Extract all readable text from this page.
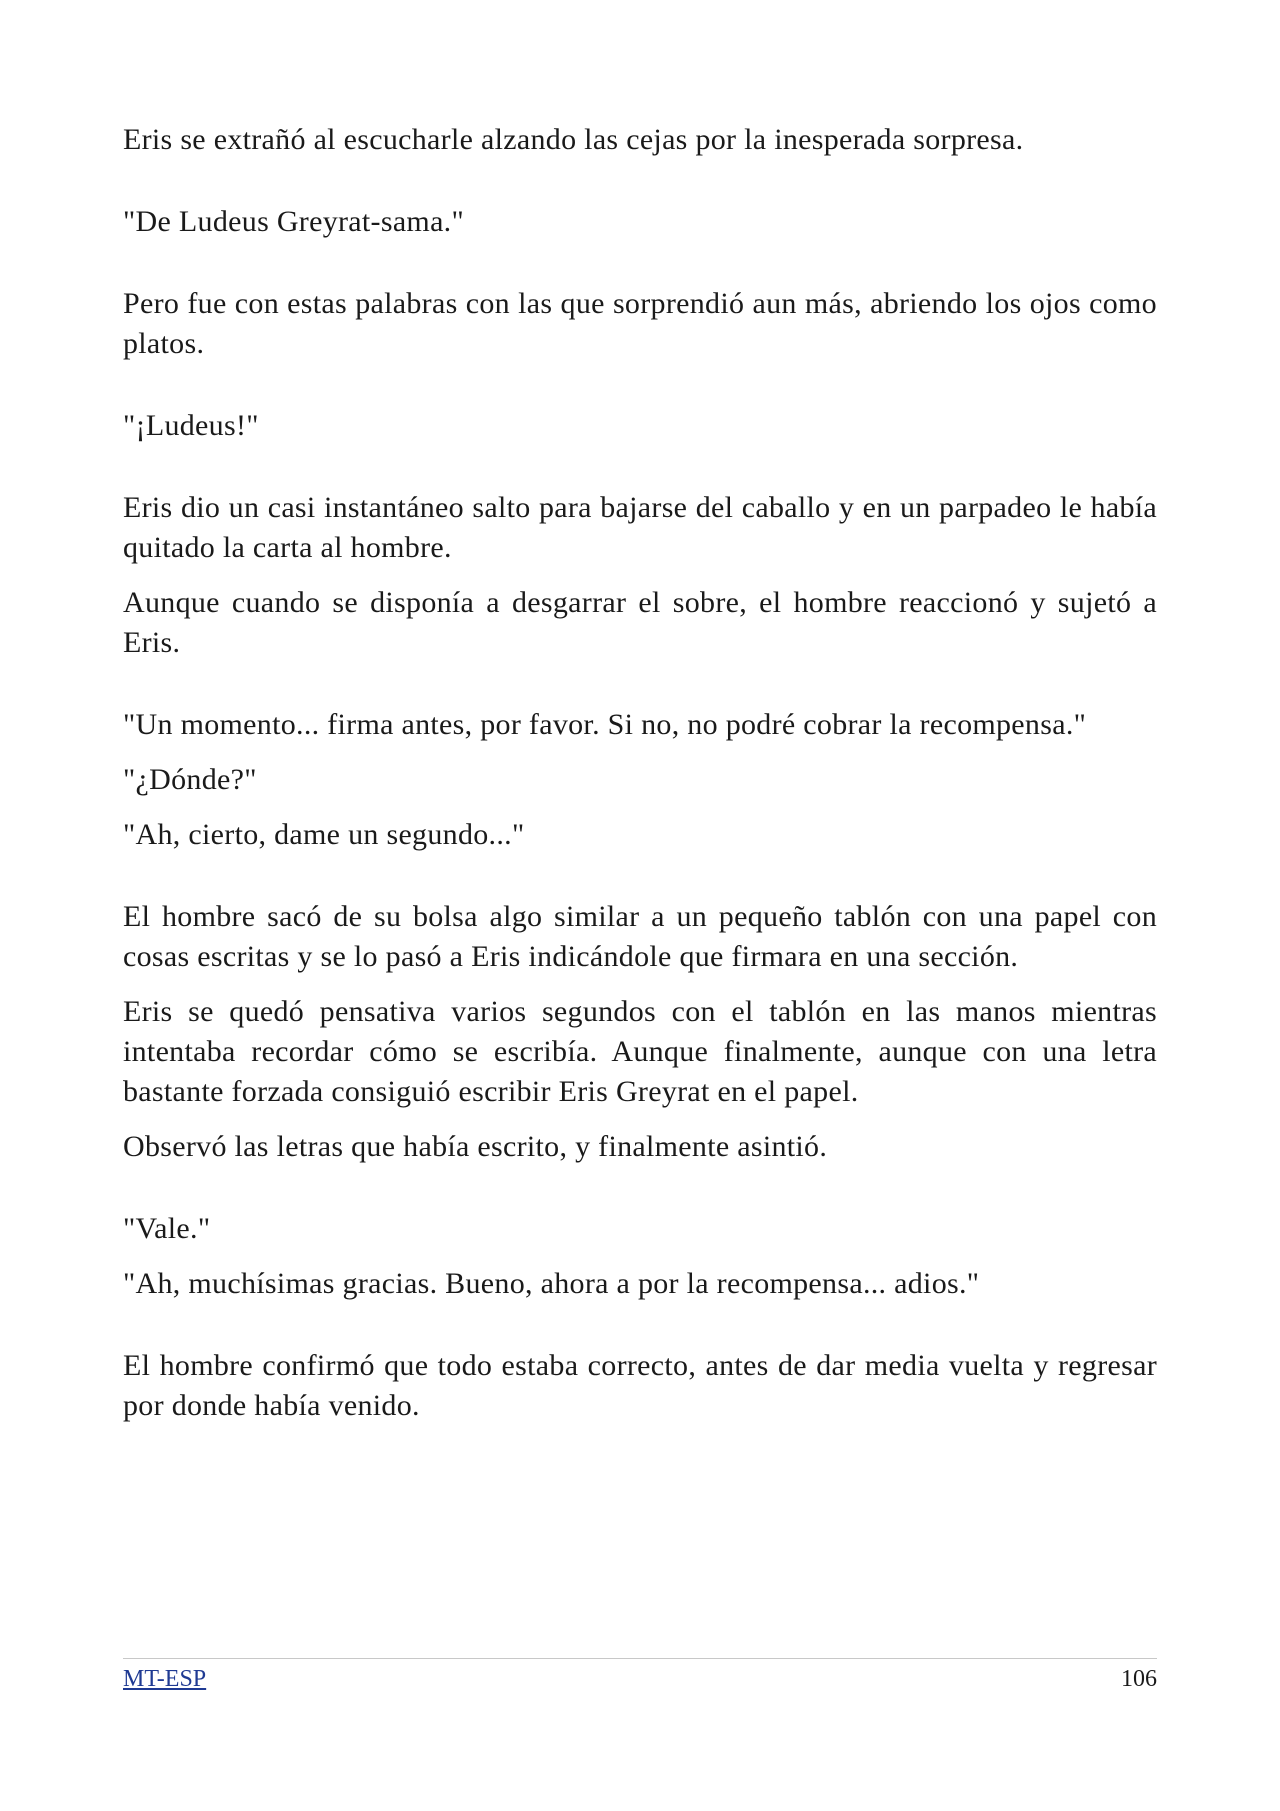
Eris se extrañó al escucharle alzando las cejas por la inesperada sorpresa.

"De Ludeus Greyrat-sama."

Pero fue con estas palabras con las que sorprendió aun más, abriendo los ojos como platos.

"¡Ludeus!"

Eris dio un casi instantáneo salto para bajarse del caballo y en un parpadeo le había quitado la carta al hombre.

Aunque cuando se disponía a desgarrar el sobre, el hombre reaccionó y sujetó a Eris.

"Un momento... firma antes, por favor. Si no, no podré cobrar la recompensa."

"¿Dónde?"

"Ah, cierto, dame un segundo..."

El hombre sacó de su bolsa algo similar a un pequeño tablón con una papel con cosas escritas y se lo pasó a Eris indicándole que firmara en una sección.

Eris se quedó pensativa varios segundos con el tablón en las manos mientras intentaba recordar cómo se escribía. Aunque finalmente, aunque con una letra bastante forzada consiguió escribir Eris Greyrat en el papel.

Observó las letras que había escrito, y finalmente asintió.

"Vale."

"Ah, muchísimas gracias. Bueno, ahora a por la recompensa... adios."

El hombre confirmó que todo estaba correcto, antes de dar media vuelta y regresar por donde había venido.

MT-ESP	106
